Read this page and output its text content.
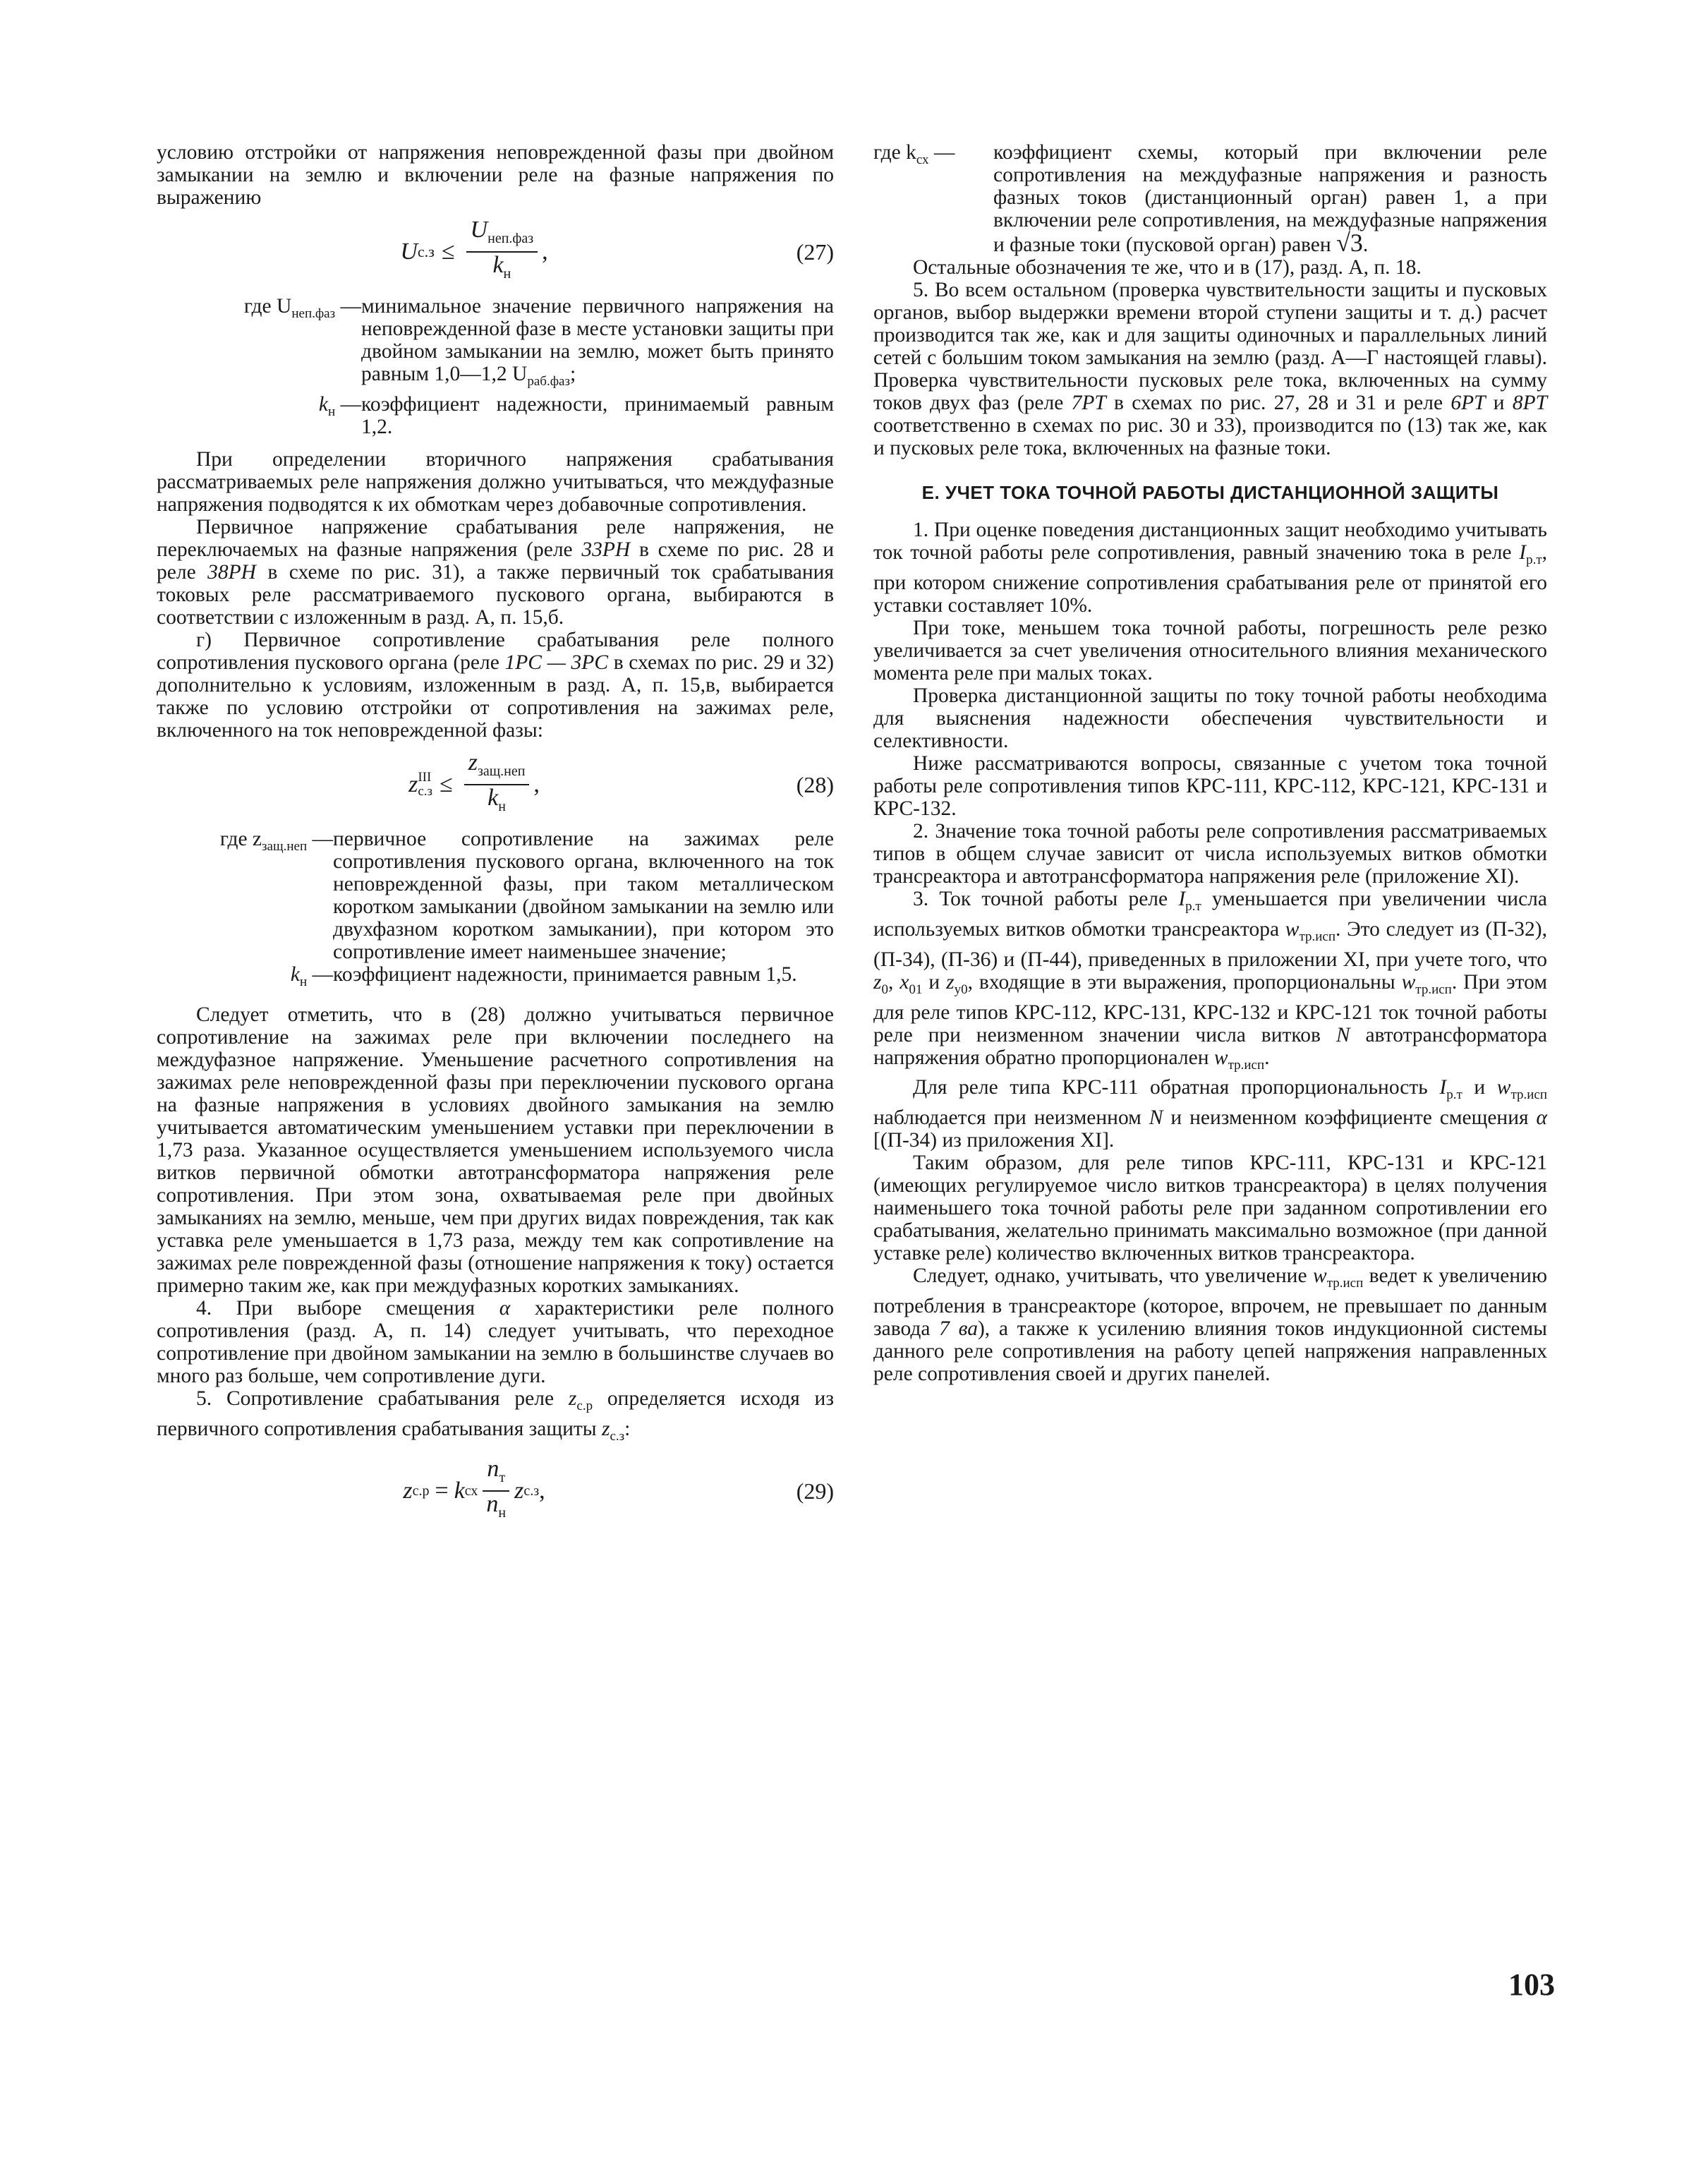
условию отстройки от напряжения неповрежденной фазы при двойном замыкании на землю и включении реле на фазные напряжения по выражению

U $с.з \le \frac{U_{неп.фаз}}{k_н}$ ,	(27)
где $U_{неп.фаз}$ — минимальное значение первичного напряжения на неповрежденной фазе в месте установки защиты при двойном замыкании на землю, может быть принято равным 1,0—1,2 $U_{раб.фаз}$;
$k_н$ — коэффициент надежности, принимаемый равным 1,2.

При определении вторичного напряжения срабатывания рассматриваемых реле напряжения должно учитываться, что междуфазные напряжения подводятся к их обмоткам через добавочные сопротивления.

Первичное напряжение срабатывания реле напряжения, не переключаемых на фазные напряжения (реле 33РН в схеме по рис. 28 и реле 38РН в схеме по рис. 31), а также первичный ток срабатывания токовых реле рассматриваемого пускового органа, выбираются в соответствии с изложенным в разд. А, п. 15,б.

г) Первичное сопротивление срабатывания реле полного сопротивления пускового органа (реле 1РС — 3РС в схемах по рис. 29 и 32) дополнительно к условиям, изложенным в разд. А, п. 15,в, выбирается также по условию отстройки от сопротивления на зажимах реле, включенного на ток неповрежденной фазы:

z III
$с.з \le \frac{z_{защ.неп}}{k_н}$ ,	(28)
где $z_{защ.неп}$ — первичное сопротивление на зажимах реле сопротивления пускового органа, включенного на ток неповрежденной фазы, при таком металлическом коротком замыкании (двойном замыкании на землю или двухфазном коротком замыкании), при котором это сопротивление имеет наименьшее значение;
$k_н$ — коэффициент надежности, принимается равным 1,5.

Следует отметить, что в (28) должно учитываться первичное сопротивление на зажимах реле при включении последнего на междуфазное напряжение. Уменьшение расчетного сопротивления на зажимах реле неповрежденной фазы при переключении пускового органа на фазные напряжения в условиях двойного замыкания на землю учитывается автоматическим уменьшением уставки при переключении в 1,73 раза. Указанное осуществляется уменьшением используемого числа витков первичной обмотки автотрансформатора напряжения реле сопротивления. При этом зона, охватываемая реле при двойных замыканиях на землю, меньше, чем при других видах повреждения, так как уставка реле уменьшается в 1,73 раза, между тем как сопротивление на зажимах реле поврежденной фазы (отношение напряжения к току) остается примерно таким же, как при междуфазных коротких замыканиях.

4. При выборе смещения α характеристики реле полного сопротивления (разд. А, п. 14) следует учитывать, что переходное сопротивление при двойном замыкании на землю в большинстве случаев во много раз больше, чем сопротивление дуги.

5. Сопротивление срабатывания реле $z_{с.р}$ определяется исходя из первичного сопротивления срабатывания защиты $z_{с.з}$:

z с.р = k сх $\frac{n_т}{n_н}$ z с.з ,	(29)
где $k_{сх}$ —	коэффициент схемы, который при включении реле сопротивления на междуфазные напряжения и разность фазных токов (дистанционный орган) равен 1, а при включении реле сопротивления, на междуфазные напряжения и фазные токи (пусковой орган) равен √3.

Остальные обозначения те же, что и в (17), разд. А, п. 18.

5. Во всем остальном (проверка чувствительности защиты и пусковых органов, выбор выдержки времени второй ступени защиты и т. д.) расчет производится так же, как и для защиты одиночных и параллельных линий сетей с большим током замыкания на землю (разд. А—Г настоящей главы). Проверка чувствительности пусковых реле тока, включенных на сумму токов двух фаз (реле 7РТ в схемах по рис. 27, 28 и 31 и реле 6РТ и 8РТ соответственно в схемах по рис. 30 и 33), производится по (13) так же, как и пусковых реле тока, включенных на фазные токи.

Е. УЧЕТ ТОКА ТОЧНОЙ РАБОТЫ ДИСТАНЦИОННОЙ ЗАЩИТЫ

1. При оценке поведения дистанционных защит необходимо учитывать ток точной работы реле сопротивления, равный значению тока в реле $I_{р.т}$, при котором снижение сопротивления срабатывания реле от принятой его уставки составляет 10%.

При токе, меньшем тока точной работы, погрешность реле резко увеличивается за счет увеличения относительного влияния механического момента реле при малых токах.

Проверка дистанционной защиты по току точной работы необходима для выяснения надежности обеспечения чувствительности и селективности.

Ниже рассматриваются вопросы, связанные с учетом тока точной работы реле сопротивления типов КРС-111, КРС-112, КРС-121, КРС-131 и КРС-132.

2. Значение тока точной работы реле сопротивления рассматриваемых типов в общем случае зависит от числа используемых витков обмотки трансреактора и автотрансформатора напряжения реле (приложение XI).

3. Ток точной работы реле $I_{р.т}$ уменьшается при увеличении числа используемых витков обмотки трансреактора $w_{тр.исп}$. Это следует из (П-32), (П-34), (П-36) и (П-44), приведенных в приложении XI, при учете того, что $z_0$, $x_{01}$ и $z_{у0}$, входящие в эти выражения, пропорциональны $w_{тр.исп}$. При этом для реле типов КРС-112, КРС-131, КРС-132 и КРС-121 ток точной работы реле при неизменном значении числа витков N автотрансформатора напряжения обратно пропорционален $w_{тр.исп}$.

Для реле типа КРС-111 обратная пропорциональность $I_{р.т}$ и $w_{тр.исп}$ наблюдается при неизменном N и неизменном коэффициенте смещения α [(П-34) из приложения XI].

Таким образом, для реле типов КРС-111, КРС-131 и КРС-121 (имеющих регулируемое число витков трансреактора) в целях получения наименьшего тока точной работы реле при заданном сопротивлении его срабатывания, желательно принимать максимально возможное (при данной уставке реле) количество включенных витков трансреактора.

Следует, однако, учитывать, что увеличение $w_{тр.исп}$ ведет к увеличению потребления в трансреакторе (которое, впрочем, не превышает по данным завода 7 ва), а также к усилению влияния токов индукционной системы данного реле сопротивления на работу цепей напряжения направленных реле сопротивления своей и других панелей.

103
